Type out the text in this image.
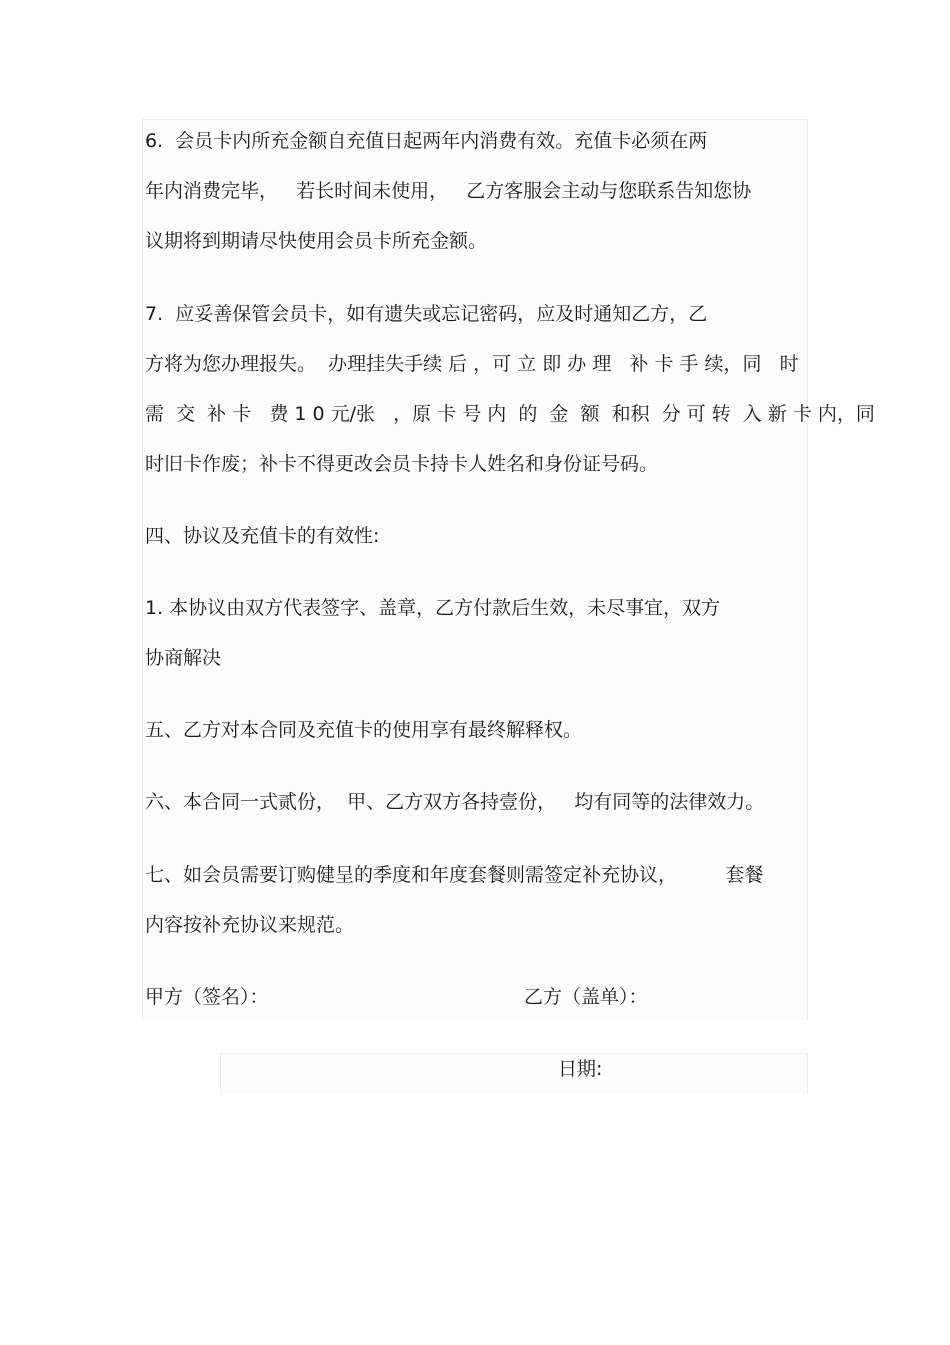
6.  会员卡内所充金额自充值日起两年内消费有效。充值卡必须在两

年内消费完毕，   若长时间未使用，   乙方客服会主动与您联系告知您协

议期将到期请尽快使用会员卡所充金额。

7.  应妥善保管会员卡，如有遗失或忘记密码，应及时通知乙方，乙

方将为您办理报失。  办理挂失手续 后 ，可 立 即 办 理   补 卡 手 续，同   时

需  交  补 卡   费 1 0 元/张   ，原 卡 号 内  的  金  额  和积  分 可 转  入 新 卡 内，同

时旧卡作废；补卡不得更改会员卡持卡人姓名和身份证号码。

四、协议及充值卡的有效性:

1. 本协议由双方代表签字、盖章，乙方付款后生效，未尽事宜，双方

协商解决

五、乙方对本合同及充值卡的使用享有最终解释权。

六、本合同一式贰份，  甲、乙方双方各持壹份，   均有同等的法律效力。

七、如会员需要订购健呈的季度和年度套餐则需签定补充协议，        套餐

内容按补充协议来规范。

甲方（签名）：	乙方（盖单）：

日期:
